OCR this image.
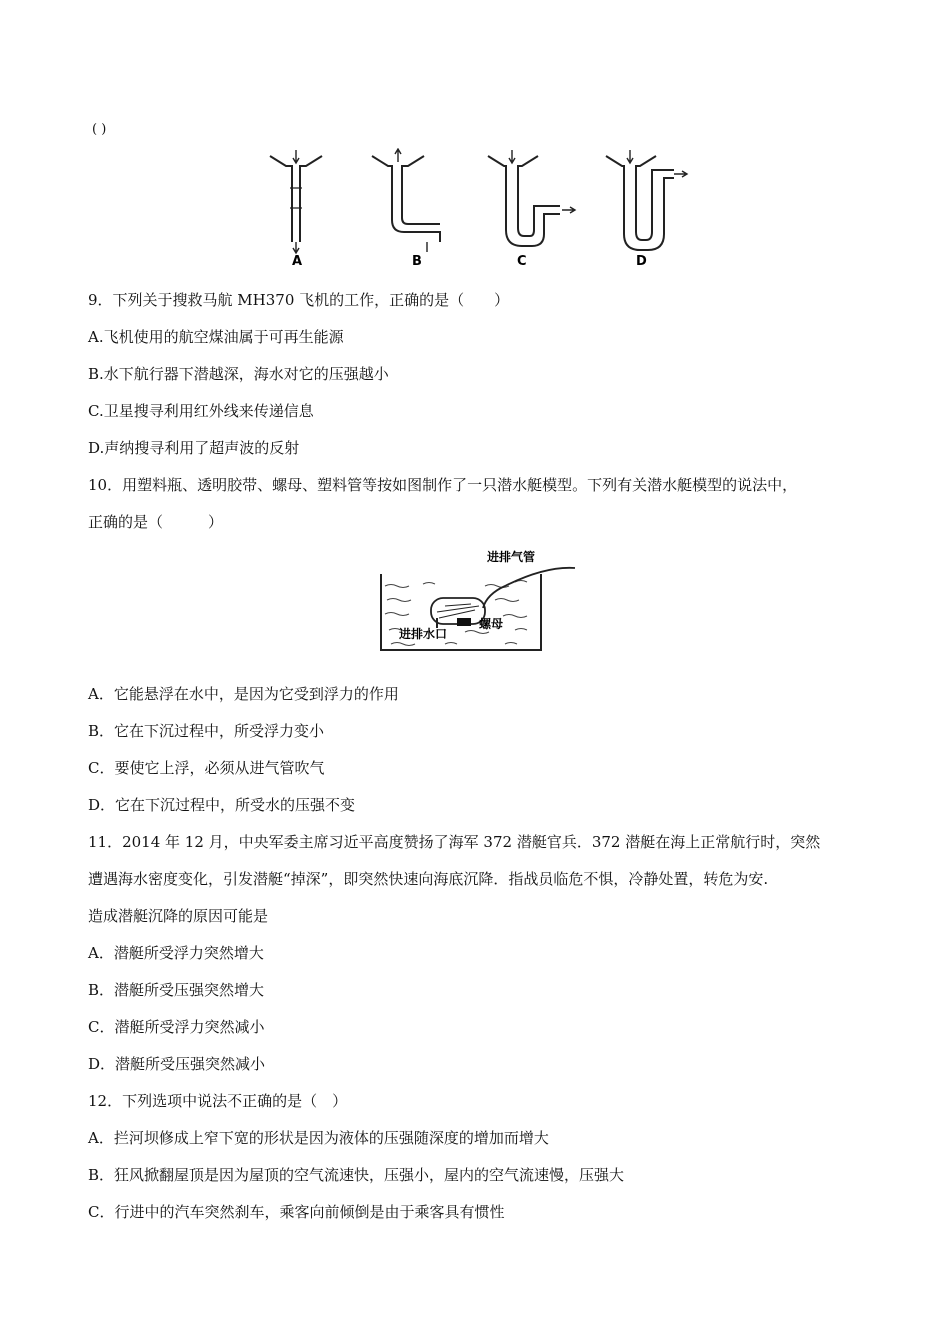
( )
A	B	C	D
9．下列关于搜救马航 MH370 飞机的工作，正确的是（　　）
A.飞机使用的航空煤油属于可再生能源
B.水下航行器下潜越深，海水对它的压强越小
C.卫星搜寻利用红外线来传递信息
D.声纳搜寻利用了超声波的反射
10．用塑料瓶、透明胶带、螺母、塑料管等按如图制作了一只潜水艇模型。下列有关潜水艇模型的说法中，
正确的是（　　　）
进排气管
进排水口
螺母
A．它能悬浮在水中，是因为它受到浮力的作用
B．它在下沉过程中，所受浮力变小
C．要使它上浮，必须从进气管吹气
D．它在下沉过程中，所受水的压强不变
11．2014 年 12 月，中央军委主席习近平高度赞扬了海军 372 潜艇官兵．372 潜艇在海上正常航行时，突然
遭遇海水密度变化，引发潜艇“掉深”，即突然快速向海底沉降．指战员临危不惧，冷静处置，转危为安.
造成潜艇沉降的原因可能是
A．潜艇所受浮力突然增大
B．潜艇所受压强突然增大
C．潜艇所受浮力突然减小
D．潜艇所受压强突然减小
12．下列选项中说法不正确的是（　）
A．拦河坝修成上窄下宽的形状是因为液体的压强随深度的增加而增大
B．狂风掀翻屋顶是因为屋顶的空气流速快，压强小，屋内的空气流速慢，压强大
C．行进中的汽车突然刹车，乘客向前倾倒是由于乘客具有惯性
